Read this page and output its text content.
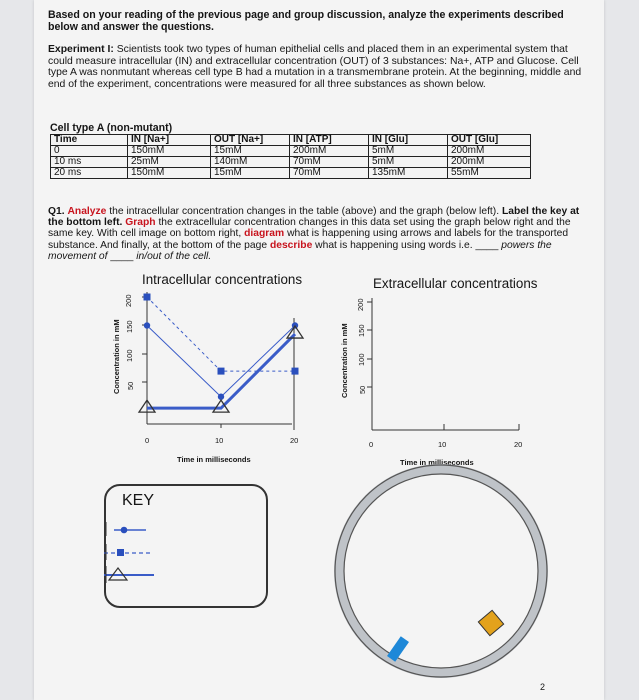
Based on your reading of the previous page and group discussion, analyze the experiments described below and answer the questions.
Experiment I: Scientists took two types of human epithelial cells and placed them in an experimental system that could measure intracellular (IN) and extracellular concentration (OUT) of 3 substances: Na+, ATP and Glucose. Cell type A was nonmutant whereas cell type B had a mutation in a transmembrane protein. At the beginning, middle and end of the experiment, concentrations were measured for all three substances as shown below.
Cell type A (non-mutant)
Time	IN [Na+]	OUT [Na+]	IN [ATP]	IN [Glu]	OUT [Glu]
0	150mM	15mM	200mM	5mM	200mM
10 ms	25mM	140mM	70mM	5mM	200mM
20 ms	150mM	15mM	70mM	135mM	55mM
Q1. Analyze the intracellular concentration changes in the table (above) and the graph (below left). Label the key at the bottom left. Graph the extracellular concentration changes in this data set using the graph below right and the same key. With cell image on bottom right, diagram what is happening using arrows and labels for the transported substance. And finally, at the bottom of the page describe what is happening using words i.e. ____ powers the movement of ____ in/out of the cell.
Intracellular concentrations
200
150
100
50
Concentration in mM
0	10	20
Time in milliseconds
Extracellular concentrations
200
150
100
50
Concentration in mM
0	10	20
Time in milliseconds
KEY
2
